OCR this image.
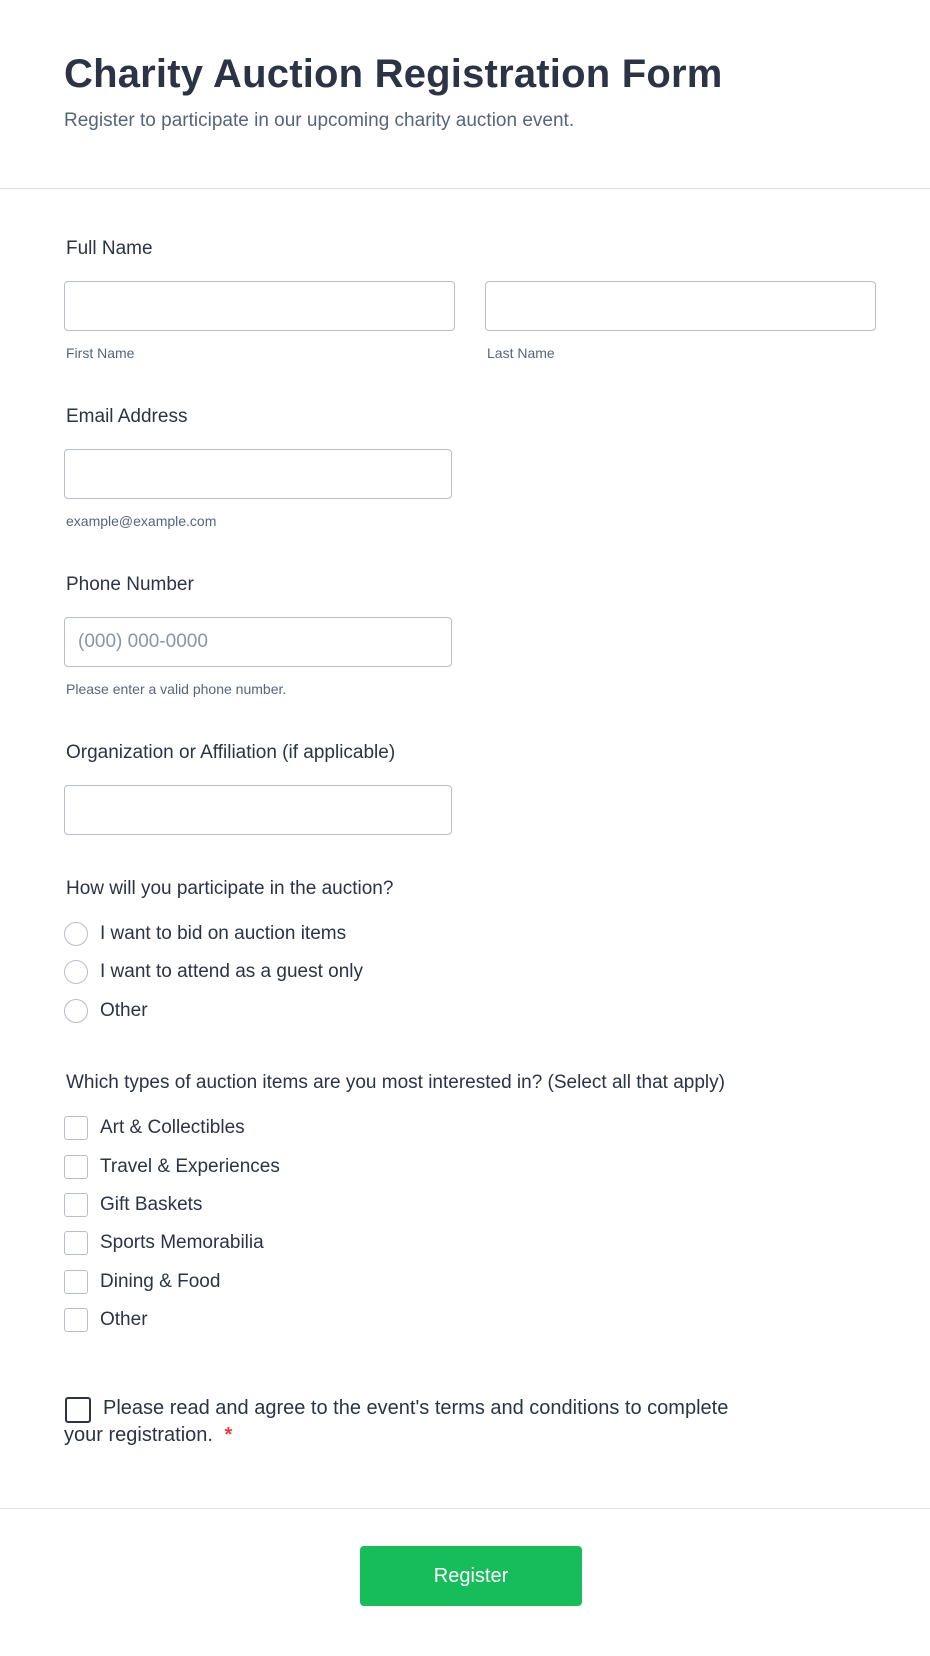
Charity Auction Registration Form

Register to participate in our upcoming charity auction event.

Full Name
First Name	Last Name
Email Address
example@example.com
Phone Number
(000) 000-0000
Please enter a valid phone number.
Organization or Affiliation (if applicable)
How will you participate in the auction?
I want to bid on auction items
I want to attend as a guest only
Other
Which types of auction items are you most interested in? (Select all that apply)
Art & Collectibles
Travel & Experiences
Gift Baskets
Sports Memorabilia
Dining & Food
Other
Please read and agree to the event's terms and conditions to complete
your registration. *
Register
